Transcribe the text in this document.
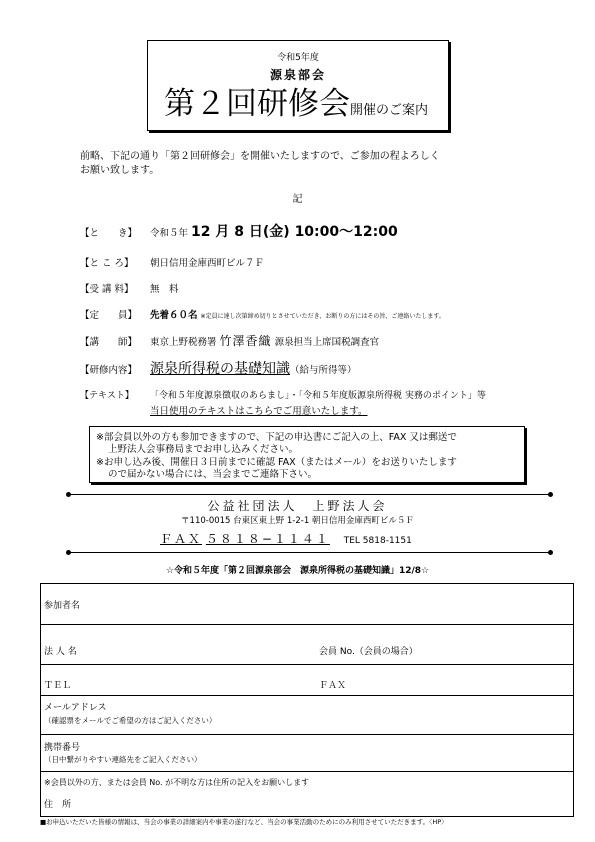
令和5年度
源泉部会
第２回研修会開催のご案内
前略、下記の通り「第２回研修会」を開催いたしますので、ご参加の程よろしく
お願い致します。
記
【と　　き】 令和５年 12 月 8 日(金) 10:00〜12:00
【と こ ろ】 朝日信用金庫西町ビル７Ｆ
【受 講 料】 無　料
【定　　員】 先着６０名 ※定員に達し次第締め切りとさせていただき、お断りの方にはその旨、ご連絡いたします。
【講　　師】 東京上野税務署 竹澤香織 源泉担当上席国税調査官
【研修内容】 源泉所得税の基礎知識（給与所得等）
【テキスト】 「令和５年度源泉徴収のあらまし」・「令和５年度版源泉所得税 実務のポイント」等
当日使用のテキストはこちらでご用意いたします。
※部会員以外の方も参加できますので、下記の申込書にご記入の上、FAX 又は郵送で
上野法人会事務局までお申し込みください。
※お申し込み後、開催日３日前までに確認 FAX（またはメール）をお送りいたします
ので届かない場合には、当会までご連絡下さい。
公益社団法人　上野法人会
〒110-0015 台東区東上野 1-2-1 朝日信用金庫西町ビル５Ｆ
ＦＡＸ ５８１８−１１４１ TEL 5818-1151
☆令和５年度「第２回源泉部会　源泉所得税の基礎知識」12/8☆
参加者名
法 人 名	会員 No.（会員の場合）
ＴＥＬ	ＦＡＸ
メールアドレス
（確認票をメールでご希望の方はご記入ください）
携帯番号
（日中繋がりやすい連絡先をご記入ください）
※会員以外の方、または会員 No. が不明な方は住所の記入をお願いします
住　所
■お申込いただいた皆様の情報は、当会の事業の詳細案内や事業の遂行など、当会の事業活動のためにのみ利用させていただきます。〈HP〉
